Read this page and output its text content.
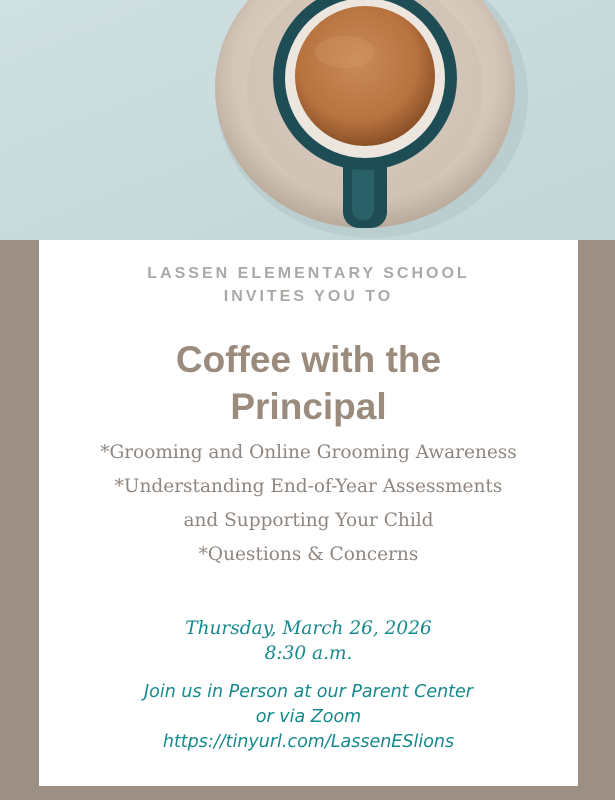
LASSEN ELEMENTARY SCHOOL
INVITES YOU TO
Coffee with the
Principal
*Grooming and Online Grooming Awareness
*Understanding End-of-Year Assessments
and Supporting Your Child
*Questions & Concerns
Thursday, March 26, 2026
8:30 a.m.
Join us in Person at our Parent Center
or via Zoom
https://tinyurl.com/LassenESlions
